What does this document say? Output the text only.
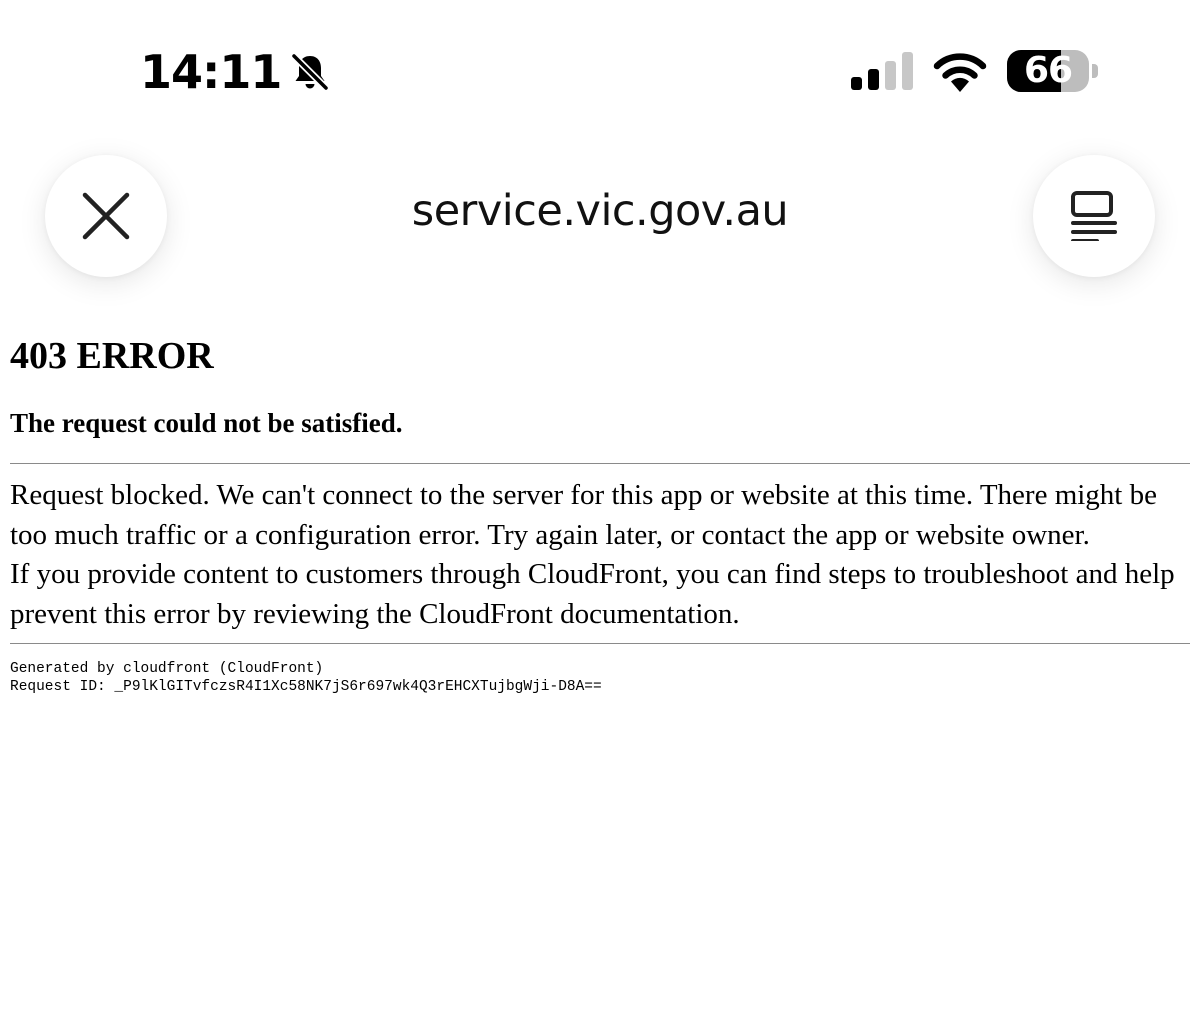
14:11	66
service.vic.gov.au
403 ERROR
The request could not be satisfied.
Request blocked. We can't connect to the server for this app or website at this time. There might be too much traffic or a configuration error. Try again later, or contact the app or website owner.
If you provide content to customers through CloudFront, you can find steps to troubleshoot and help prevent this error by reviewing the CloudFront documentation.
Generated by cloudfront (CloudFront)
Request ID: _P9lKlGITvfczsR4I1Xc58NK7jS6r697wk4Q3rEHCXTujbgWji-D8A==
